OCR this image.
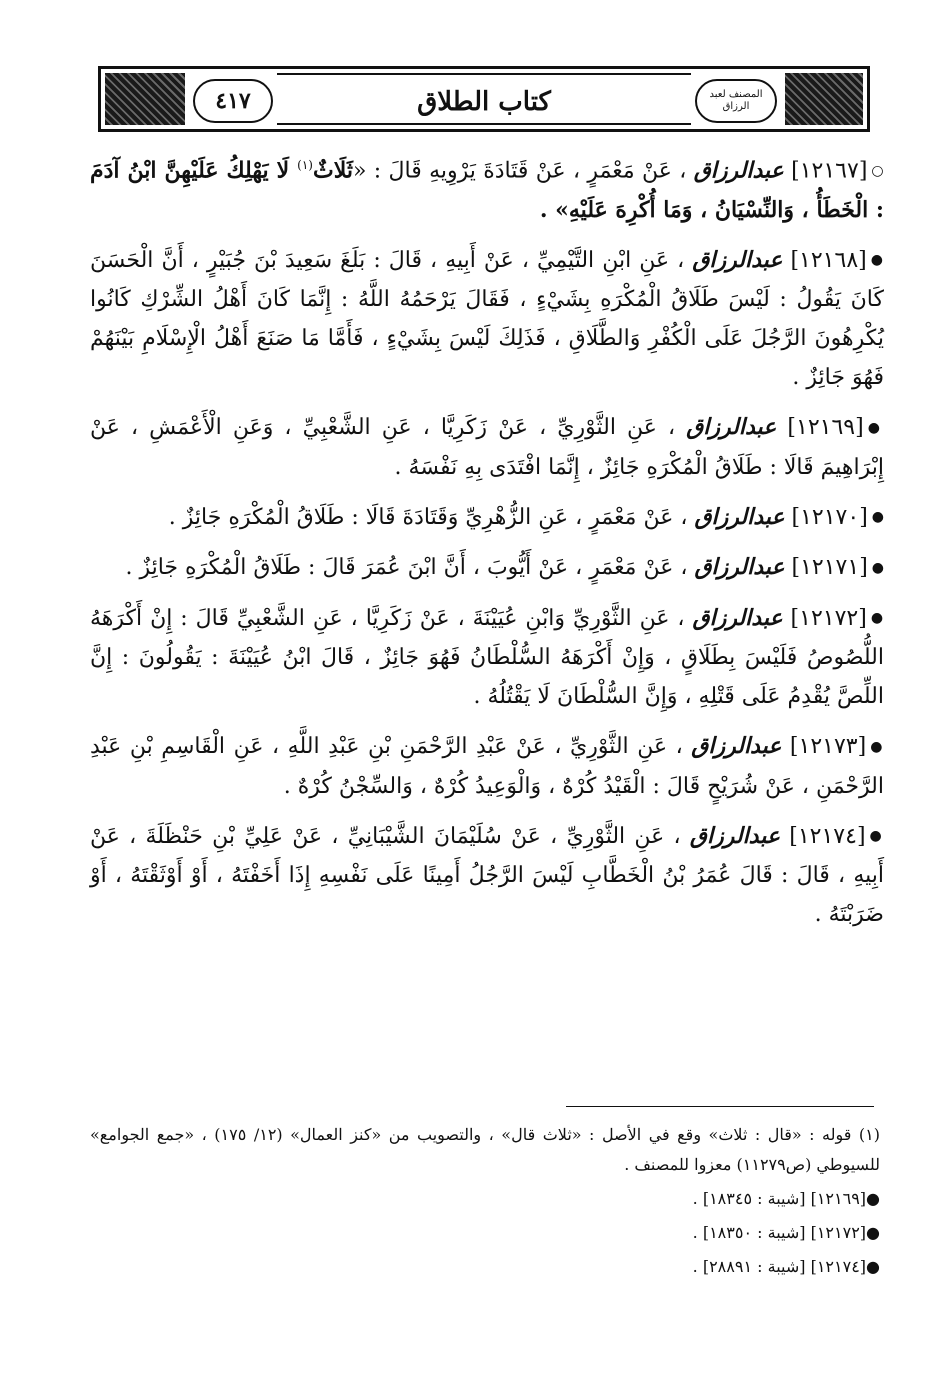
كتاب الطلاق
٤١٧	المصنف لعبد الرزاق

○[١٢١٦٧] عبدالرزاق ، عَنْ مَعْمَرٍ ، عَنْ قَتَادَةَ يَرْوِيهِ قَالَ : «ثَلَاثٌ$^{(١)}$ لَا يَهْلِكُ عَلَيْهِنَّ ابْنُ آدَمَ : الْخَطَأُ ، وَالنِّسْيَانُ ، وَمَا أُكْرِهَ عَلَيْهِ» .

●[١٢١٦٨] عبدالرزاق ، عَنِ ابْنِ التَّيْمِيِّ ، عَنْ أَبِيهِ ، قَالَ : بَلَغَ سَعِيدَ بْنَ جُبَيْرٍ ، أَنَّ الْحَسَنَ كَانَ يَقُولُ : لَيْسَ طَلَاقُ الْمُكْرَهِ بِشَيْءٍ ، فَقَالَ يَرْحَمُهُ اللَّهُ : إِنَّمَا كَانَ أَهْلُ الشِّرْكِ كَانُوا يُكْرِهُونَ الرَّجُلَ عَلَى الْكُفْرِ وَالطَّلَاقِ ، فَذَلِكَ لَيْسَ بِشَيْءٍ ، فَأَمَّا مَا صَنَعَ أَهْلُ الْإِسْلَامِ بَيْنَهُمْ فَهُوَ جَائِزٌ .

●[١٢١٦٩] عبدالرزاق ، عَنِ الثَّوْرِيِّ ، عَنْ زَكَرِيَّا ، عَنِ الشَّعْبِيِّ ، وَعَنِ الْأَعْمَشِ ، عَنْ إِبْرَاهِيمَ قَالَا : طَلَاقُ الْمُكْرَهِ جَائِزٌ ، إِنَّمَا افْتَدَى بِهِ نَفْسَهُ .

●[١٢١٧٠] عبدالرزاق ، عَنْ مَعْمَرٍ ، عَنِ الزُّهْرِيِّ وَقَتَادَةَ قَالَا : طَلَاقُ الْمُكْرَهِ جَائِزٌ .

●[١٢١٧١] عبدالرزاق ، عَنْ مَعْمَرٍ ، عَنْ أَيُّوبَ ، أَنَّ ابْنَ عُمَرَ قَالَ : طَلَاقُ الْمُكْرَهِ جَائِزٌ .

●[١٢١٧٢] عبدالرزاق ، عَنِ الثَّوْرِيِّ وَابْنِ عُيَيْنَةَ ، عَنْ زَكَرِيَّا ، عَنِ الشَّعْبِيِّ قَالَ : إِنْ أَكْرَهَهُ اللُّصُوصُ فَلَيْسَ بِطَلَاقٍ ، وَإِنْ أَكْرَهَهُ السُّلْطَانُ فَهُوَ جَائِزٌ ، قَالَ ابْنُ عُيَيْنَةَ : يَقُولُونَ : إِنَّ اللِّصَّ يُقْدِمُ عَلَى قَتْلِهِ ، وَإِنَّ السُّلْطَانَ لَا يَقْتُلُهُ .

●[١٢١٧٣] عبدالرزاق ، عَنِ الثَّوْرِيِّ ، عَنْ عَبْدِ الرَّحْمَنِ بْنِ عَبْدِ اللَّهِ ، عَنِ الْقَاسِمِ بْنِ عَبْدِ الرَّحْمَنِ ، عَنْ شُرَيْحٍ قَالَ : الْقَيْدُ كُرْهٌ ، وَالْوَعِيدُ كُرْهٌ ، وَالسِّجْنُ كُرْهٌ .

●[١٢١٧٤] عبدالرزاق ، عَنِ الثَّوْرِيِّ ، عَنْ سُلَيْمَانَ الشَّيْبَانِيِّ ، عَنْ عَلِيِّ بْنِ حَنْظَلَةَ ، عَنْ أَبِيهِ ، قَالَ : قَالَ عُمَرُ بْنُ الْخَطَّابِ لَيْسَ الرَّجُلُ أَمِينًا عَلَى نَفْسِهِ إِذَا أَخَفْتَهُ ، أَوْ أَوْثَقْتَهُ ، أَوْ ضَرَبْتَهُ .

(١) قوله : «قال : ثلاث» وقع في الأصل : «ثلاث قال» ، والتصويب من «كنز العمال» (١٢/ ١٧٥) ، «جمع الجوامع» للسيوطي (ص١١٢٧٩) معزوا للمصنف .

●[١٢١٦٩] [شيبة : ١٨٣٤٥] .

●[١٢١٧٢] [شيبة : ١٨٣٥٠] .

●[١٢١٧٤] [شيبة : ٢٨٨٩١] .
